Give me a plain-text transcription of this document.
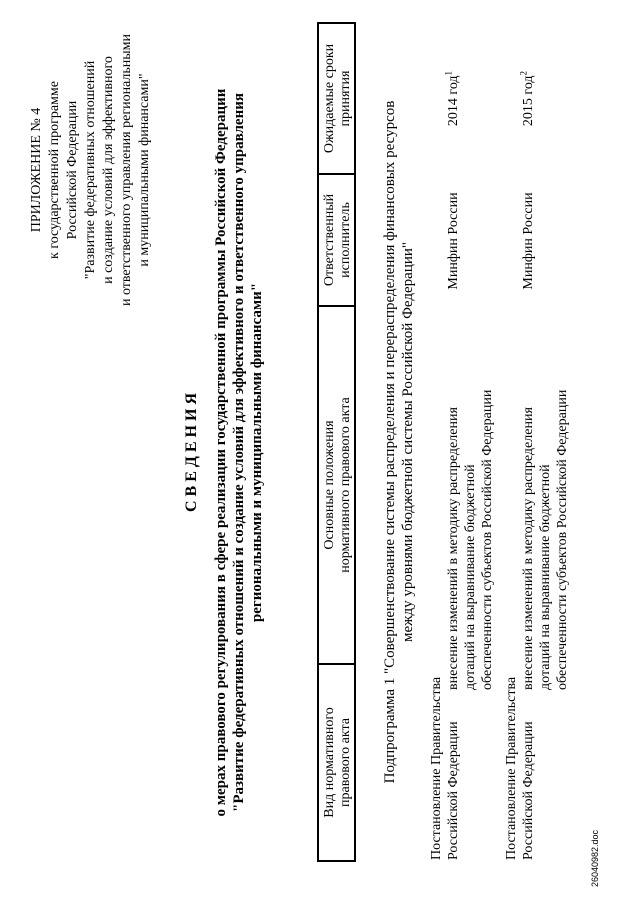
ПРИЛОЖЕНИЕ № 4 к государственной программе Российской Федерации "Развитие федеративных отношений и создание условий для эффективного и ответственного управления региональными и муниципальными финансами"
С В Е Д Е Н И Я о мерах правового регулирования в сфере реализации государственной программы Российской Федерации "Развитие федеративных отношений и создание условий для эффективного и ответственного управления региональными и муниципальными финансами"
Вид нормативного правового акта
Основные положения нормативного правового акта
Ответственный исполнитель
Ожидаемые сроки принятия
Подпрограмма 1 "Совершенствование системы распределения и перераспределения финансовых ресурсов между уровнями бюджетной системы Российской Федерации"
Постановление Правительства Российской Федерации
внесение изменений в методику распределения дотаций на выравнивание бюджетной обеспеченности субъектов Российской Федерации
Минфин России
2014 год$^1$
Постановление Правительства Российской Федерации
внесение изменений в методику распределения дотаций на выравнивание бюджетной обеспеченности субъектов Российской Федерации
Минфин России
2015 год$^2$
26040982.doc
